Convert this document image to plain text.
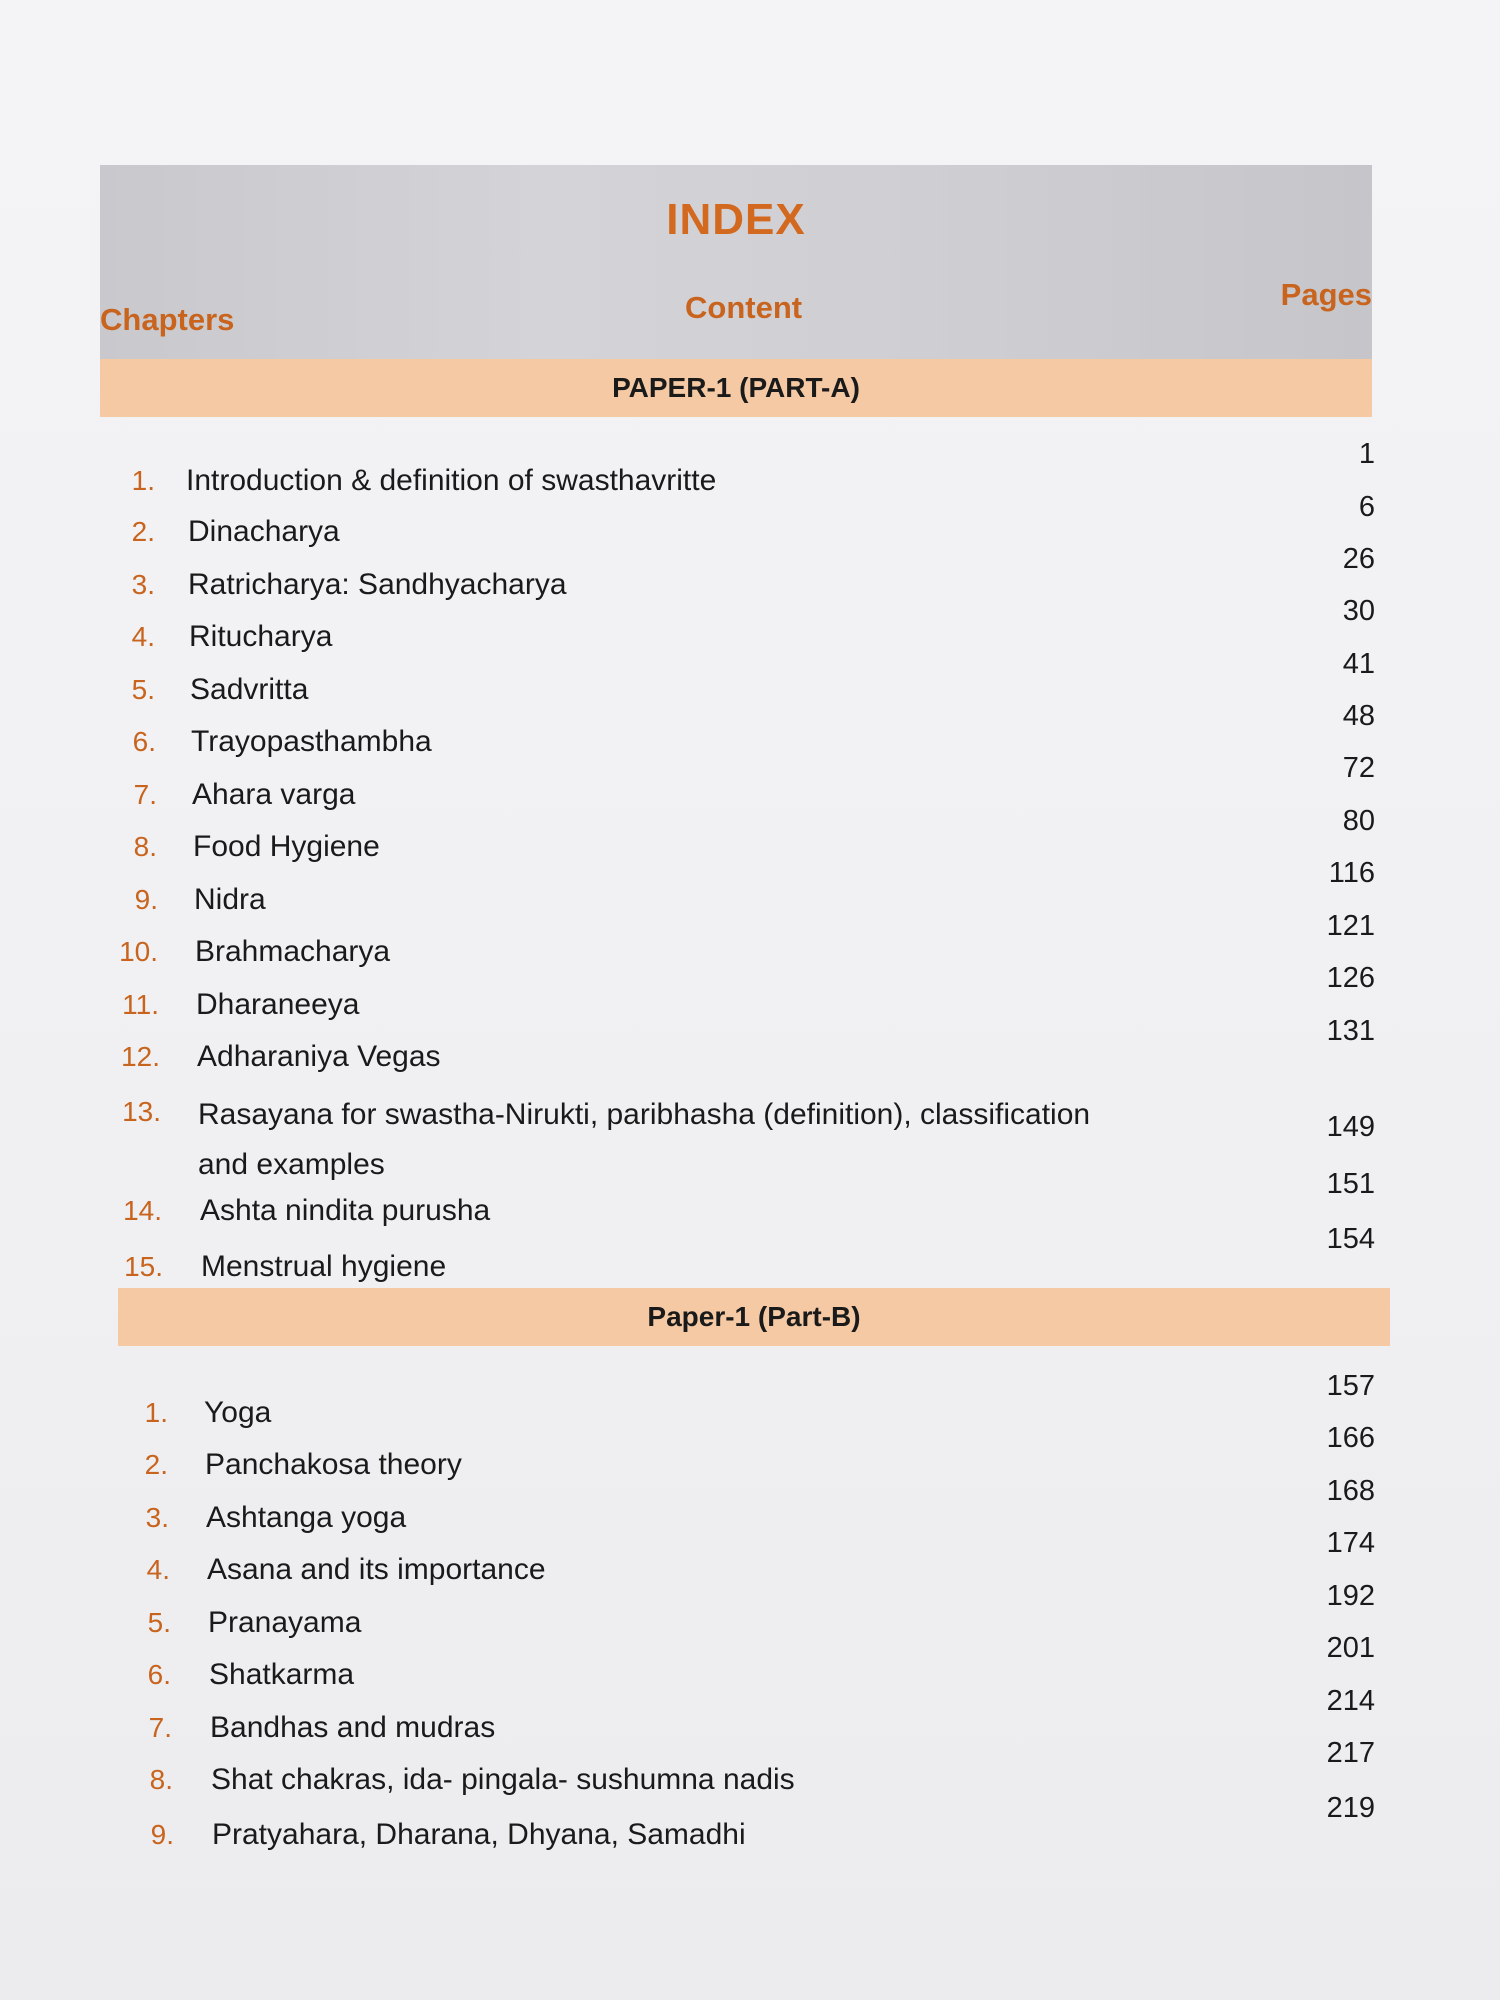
INDEX
Chapters	Content	Pages
PAPER-1 (PART-A)
1. Introduction & definition of swasthavritte
2. Dinacharya
3. Ratricharya: Sandhyacharya
4. Ritucharya
5. Sadvritta
6. Trayopasthambha
7. Ahara varga
8. Food Hygiene
9. Nidra
10. Brahmacharya
11. Dharaneeya
12. Adharaniya Vegas
13. Rasayana for swastha-Nirukti, paribhasha (definition), classification and examples
14. Ashta nindita purusha
15. Menstrual hygiene
1
6
26
30
41
48
72
80
116
121
126
131
149
151
154
Paper-1 (Part-B)
1. Yoga
2. Panchakosa theory
3. Ashtanga yoga
4. Asana and its importance
5. Pranayama
6. Shatkarma
7. Bandhas and mudras
8. Shat chakras, ida- pingala- sushumna nadis
9. Pratyahara, Dharana, Dhyana, Samadhi
157
166
168
174
192
201
214
217
219
